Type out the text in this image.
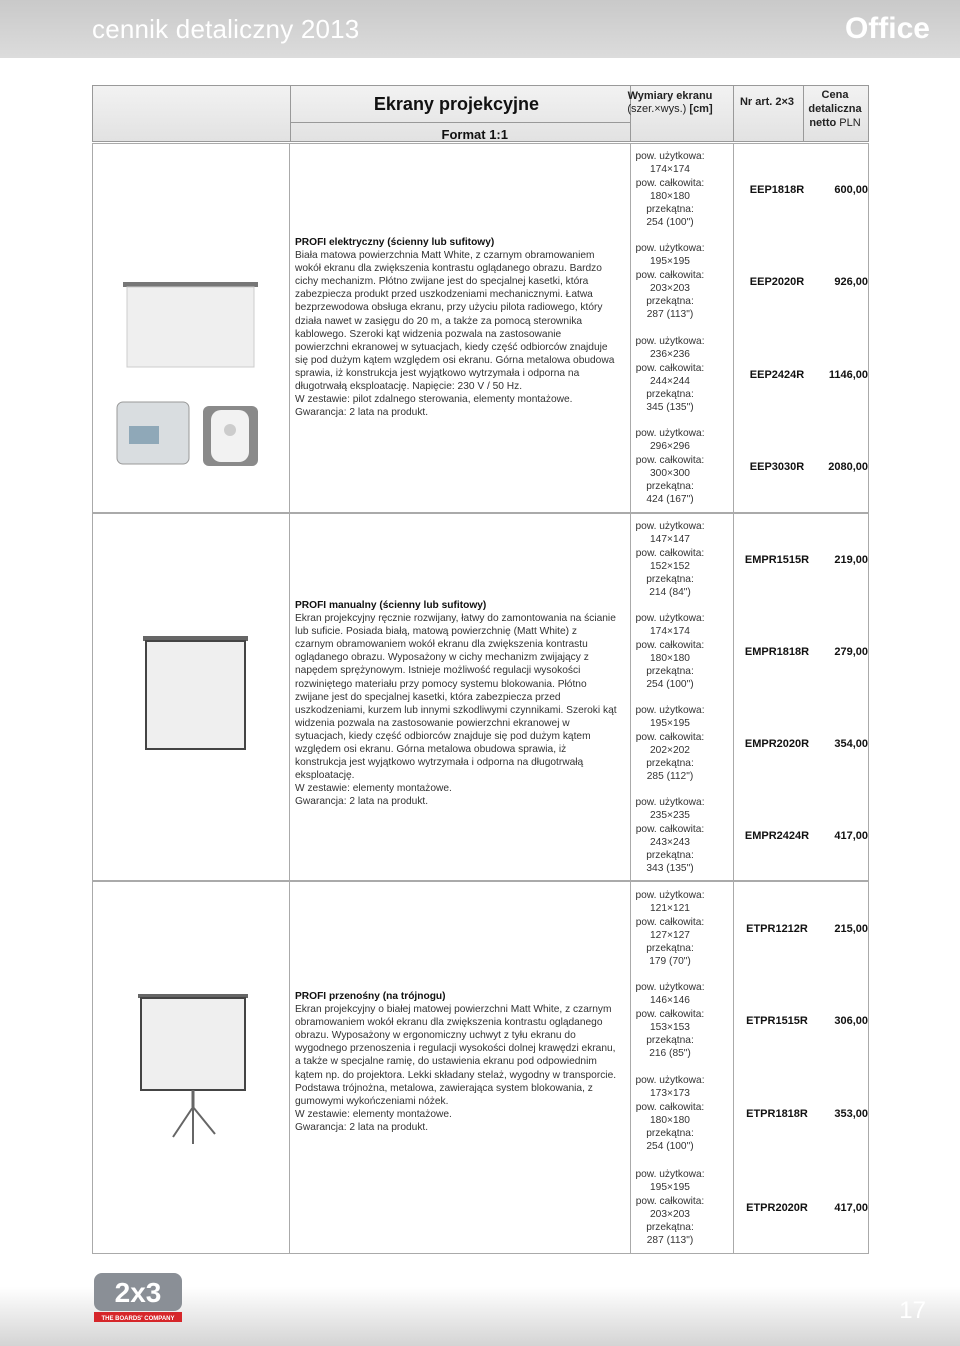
cennik detaliczny 2013	Office
Ekrany projekcyjne
Format 1:1
Wymiary ekranu
(szer.×wys.) [cm]
Nr art. 2×3
Cena
detaliczna
netto PLN
PROFI elektryczny (ścienny lub sufitowy)
Biała matowa powierzchnia Matt White, z czarnym obramowaniem wokół ekranu dla zwiększenia kontrastu oglądanego obrazu. Bardzo cichy mechanizm. Płótno zwijane jest do specjalnej kasetki, która zabezpiecza produkt przed uszkodzeniami mechanicznymi. Łatwa bezprzewodowa obsługa ekranu, przy użyciu pilota radiowego, który działa nawet w zasięgu do 20 m, a także za pomocą sterownika kablowego. Szeroki kąt widzenia pozwala na zastosowanie powierzchni ekranowej w sytuacjach, kiedy część odbiorców znajduje się pod dużym kątem względem osi ekranu. Górna metalowa obudowa sprawia, iż konstrukcja jest wyjątkowo wytrzymała i odporna na długotrwałą eksploatację. Napięcie: 230 V / 50 Hz.
W zestawie: pilot zdalnego sterowania, elementy montażowe.
Gwarancja: 2 lata na produkt.
pow. użytkowa:
174×174
pow. całkowita:
180×180
przekątna:
254 (100")
EEP1818R	600,00
pow. użytkowa:
195×195
pow. całkowita:
203×203
przekątna:
287 (113")
EEP2020R	926,00
pow. użytkowa:
236×236
pow. całkowita:
244×244
przekątna:
345 (135")
EEP2424R	1146,00
pow. użytkowa:
296×296
pow. całkowita:
300×300
przekątna:
424 (167")
EEP3030R	2080,00
PROFI manualny (ścienny lub sufitowy)
Ekran projekcyjny ręcznie rozwijany, łatwy do zamontowania na ścianie lub suficie. Posiada białą, matową powierzchnię (Matt White) z czarnym obramowaniem wokół ekranu dla zwiększenia kontrastu oglądanego obrazu. Wyposażony w cichy mechanizm zwijający z napędem sprężynowym. Istnieje możliwość regulacji wysokości rozwiniętego materiału przy pomocy systemu blokowania. Płótno zwijane jest do specjalnej kasetki, która zabezpiecza przed uszkodzeniami, kurzem lub innymi szkodliwymi czynnikami. Szeroki kąt widzenia pozwala na zastosowanie powierzchni ekranowej w sytuacjach, kiedy część odbiorców znajduje się pod dużym kątem względem osi ekranu. Górna metalowa obudowa sprawia, iż konstrukcja jest wyjątkowo wytrzymała i odporna na długotrwałą eksploatację.
W zestawie: elementy montażowe.
Gwarancja: 2 lata na produkt.
pow. użytkowa:
147×147
pow. całkowita:
152×152
przekątna:
214 (84")
EMPR1515R	219,00
pow. użytkowa:
174×174
pow. całkowita:
180×180
przekątna:
254 (100")
EMPR1818R	279,00
pow. użytkowa:
195×195
pow. całkowita:
202×202
przekątna:
285 (112")
EMPR2020R	354,00
pow. użytkowa:
235×235
pow. całkowita:
243×243
przekątna:
343 (135")
EMPR2424R	417,00
PROFI przenośny (na trójnogu)
Ekran projekcyjny o białej matowej powierzchni Matt White, z czarnym obramowaniem wokół ekranu dla zwiększenia kontrastu oglądanego obrazu. Wyposażony w ergonomiczny uchwyt z tyłu ekranu do wygodnego przenoszenia i regulacji wysokości dolnej krawędzi ekranu, a także w specjalne ramię, do ustawienia ekranu pod odpowiednim kątem np. do projektora. Lekki składany stelaż, wygodny w transporcie. Podstawa trójnożna, metalowa, zawierająca system blokowania, z gumowymi wykończeniami nóżek.
W zestawie: elementy montażowe.
Gwarancja: 2 lata na produkt.
pow. użytkowa:
121×121
pow. całkowita:
127×127
przekątna:
179 (70")
ETPR1212R	215,00
pow. użytkowa:
146×146
pow. całkowita:
153×153
przekątna:
216 (85")
ETPR1515R	306,00
pow. użytkowa:
173×173
pow. całkowita:
180×180
przekątna:
254 (100")
ETPR1818R	353,00
pow. użytkowa:
195×195
pow. całkowita:
203×203
przekątna:
287 (113")
ETPR2020R	417,00
2x3
THE BOARDS' COMPANY	17
